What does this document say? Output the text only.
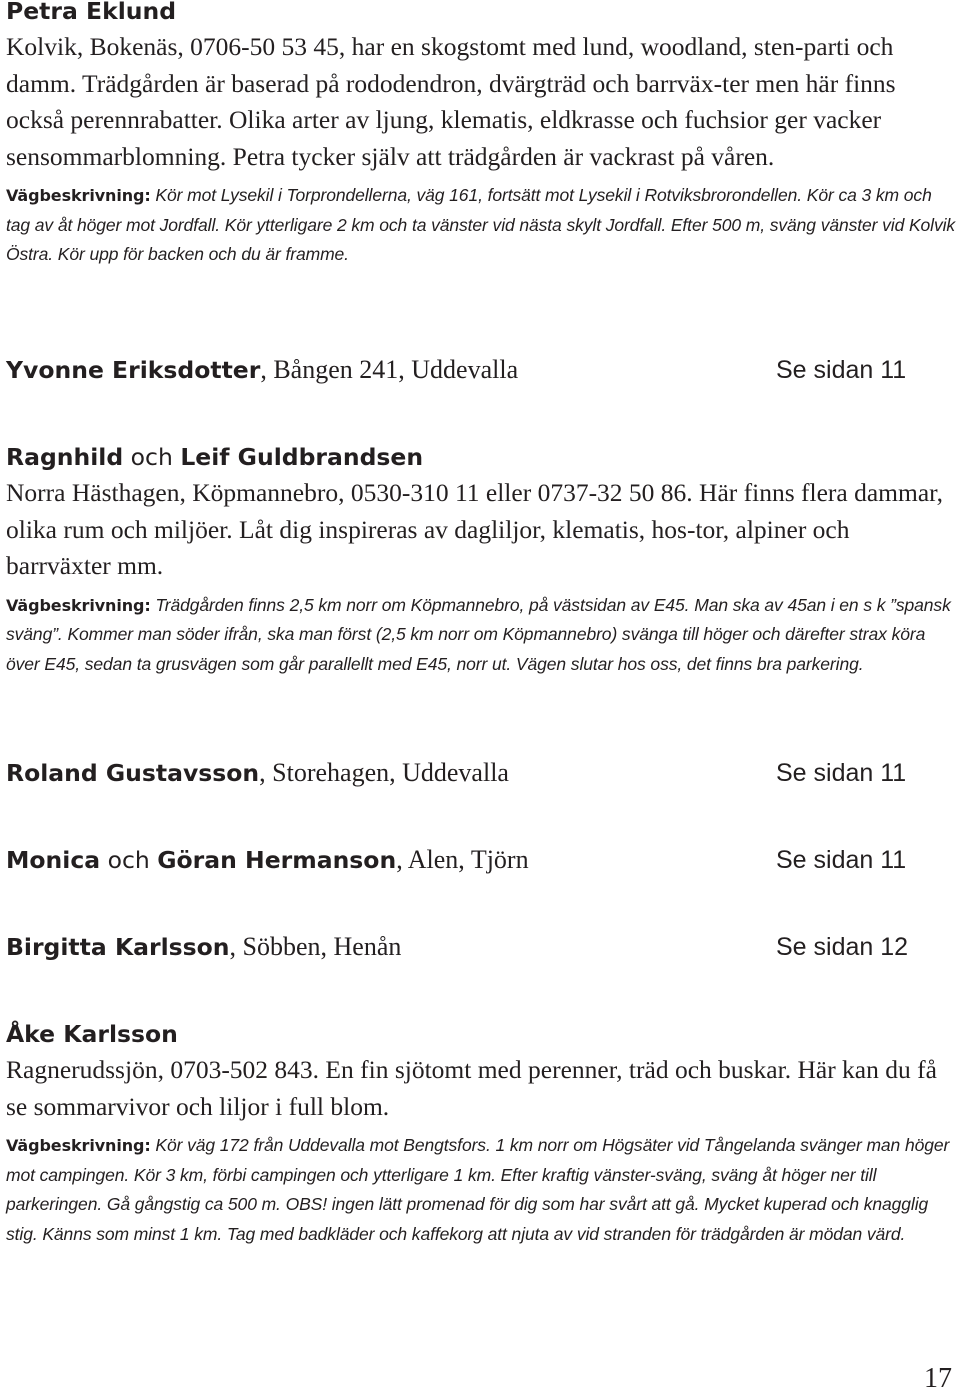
Petra Eklund

Kolvik, Bokenäs, 0706-50 53 45, har en skogstomt med lund, woodland, sten-parti och damm. Trädgården är baserad på rododendron, dvärgträd och barrväx-ter men här finns också perennrabatter. Olika arter av ljung, klematis, eldkrasse och fuchsior ger vacker sensommarblomning. Petra tycker själv att trädgården är vackrast på våren.

Vägbeskrivning: Kör mot Lysekil i Torprondellerna, väg 161, fortsätt mot Lysekil i Rotviksbrorondellen. Kör ca 3 km och tag av åt höger mot Jordfall. Kör ytterligare 2 km och ta vänster vid nästa skylt Jordfall. Efter 500 m, sväng vänster vid Kolvik Östra. Kör upp för backen och du är framme.

Yvonne Eriksdotter, Bången 241, Uddevalla	Se sidan 11
Ragnhild och Leif Guldbrandsen

Norra Hästhagen, Köpmannebro, 0530-310 11 eller 0737-32 50 86. Här finns flera dammar, olika rum och miljöer. Låt dig inspireras av dagliljor, klematis, hos-tor, alpiner och barrväxter mm.

Vägbeskrivning: Trädgården finns 2,5 km norr om Köpmannebro, på västsidan av E45. Man ska av 45an i en s k ”spansk sväng”. Kommer man söder ifrån, ska man först (2,5 km norr om Köpmannebro) svänga till höger och därefter strax köra över E45, sedan ta grusvägen som går parallellt med E45, norr ut. Vägen slutar hos oss, det finns bra parkering.

Roland Gustavsson, Storehagen, Uddevalla	Se sidan 11
Monica och Göran Hermanson, Alen, Tjörn	Se sidan 11
Birgitta Karlsson, Söbben, Henån	Se sidan 12
Åke Karlsson

Ragnerudssjön, 0703-502 843. En fin sjötomt med perenner, träd och buskar. Här kan du få se sommarvivor och liljor i full blom.

Vägbeskrivning: Kör väg 172 från Uddevalla mot Bengtsfors. 1 km norr om Högsäter vid Tångelanda svänger man höger mot campingen. Kör 3 km, förbi campingen och ytterligare 1 km. Efter kraftig vänster-sväng, sväng åt höger ner till parkeringen. Gå gångstig ca 500 m. OBS! ingen lätt promenad för dig som har svårt att gå. Mycket kuperad och knagglig stig. Känns som minst 1 km. Tag med badkläder och kaffekorg att njuta av vid stranden för trädgården är mödan värd.

17
